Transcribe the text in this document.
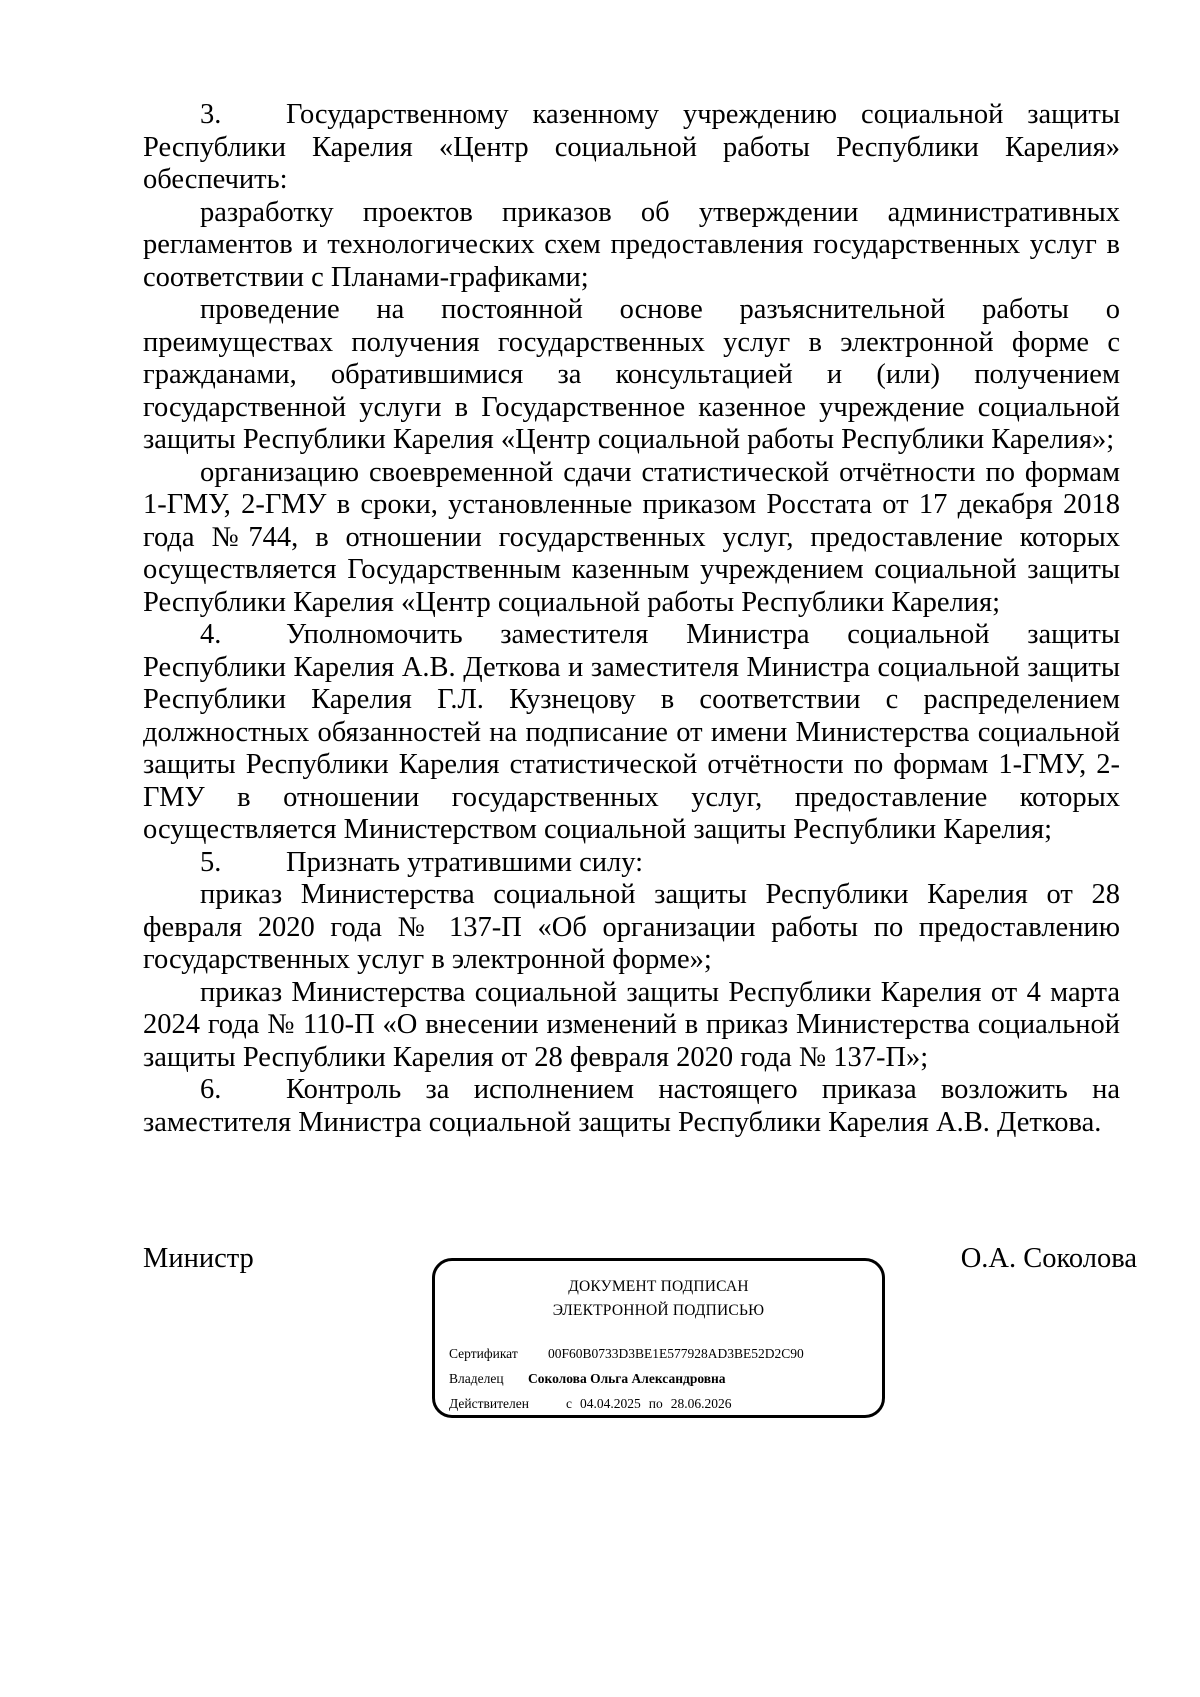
3. Государственному казенному учреждению социальной защиты Республики Карелия «Центр социальной работы Республики Карелия» обеспечить:

разработку проектов приказов об утверждении административных регламентов и технологических схем предоставления государственных услуг в соответствии с Планами-графиками;

проведение на постоянной основе разъяснительной работы о преимуществах получения государственных услуг в электронной форме с гражданами, обратившимися за консультацией и (или) получением государственной услуги в Государственное казенное учреждение социальной защиты Республики Карелия «Центр социальной работы Республики Карелия»;

организацию своевременной сдачи статистической отчётности по формам 1-ГМУ, 2-ГМУ в сроки, установленные приказом Росстата от 17 декабря 2018 года №744, в отношении государственных услуг, предоставление которых осуществляется Государственным казенным учреждением социальной защиты Республики Карелия «Центр социальной работы Республики Карелия;

4. Уполномочить заместителя Министра социальной защиты Республики Карелия А.В. Деткова и заместителя Министра социальной защиты Республики Карелия Г.Л. Кузнецову в соответствии с распределением должностных обязанностей на подписание от имени Министерства социальной защиты Республики Карелия статистической отчётности по формам 1-ГМУ, 2-ГМУ в отношении государственных услуг, предоставление которых осуществляется Министерством социальной защиты Республики Карелия;

5. Признать утратившими силу:

приказ Министерства социальной защиты Республики Карелия от 28 февраля 2020 года № 137-П «Об организации работы по предоставлению государственных услуг в электронной форме»;

приказ Министерства социальной защиты Республики Карелия от 4 марта 2024 года № 110-П «О внесении изменений в приказ Министерства социальной защиты Республики Карелия от 28 февраля 2020 года № 137-П»;

6. Контроль за исполнением настоящего приказа возложить на заместителя Министра социальной защиты Республики Карелия А.В. Деткова.

Министр	О.А. Соколова
ДОКУМЕНТ ПОДПИСАН
ЭЛЕКТРОННОЙ ПОДПИСЬЮ
Сертификат 00F60B0733D3BE1E577928AD3BE52D2C90
Владелец Соколова Ольга Александровна
Действителен	с 04.04.2025 по 28.06.2026
